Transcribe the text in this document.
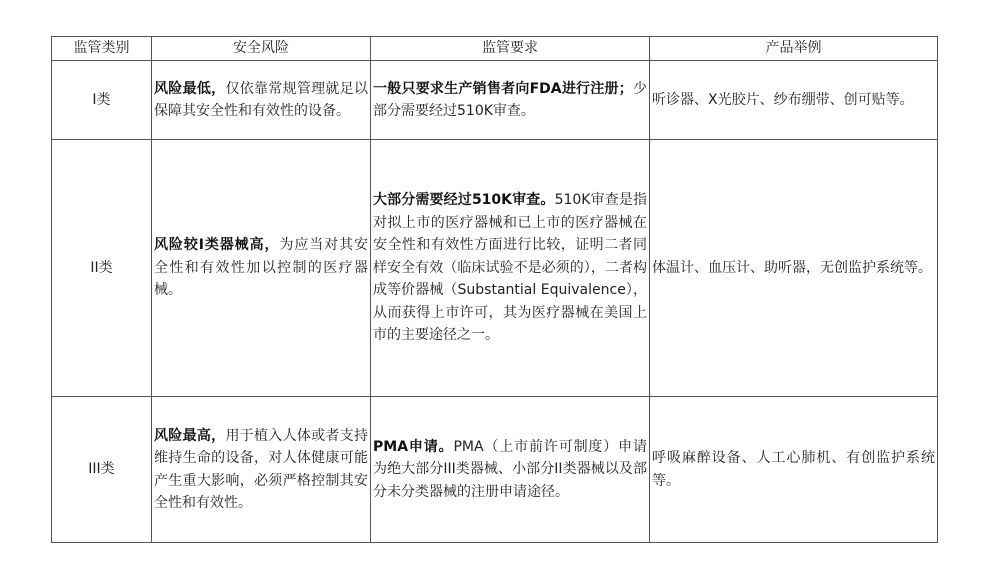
监管类别	安全风险	监管要求	产品举例
I类	风险最低，仅依靠常规管理就足以保障其安全性和有效性的设备。	一般只要求生产销售者向FDA进行注册；少部分需要经过510K审查。	听诊器、X光胶片、纱布绷带、创可贴等。
II类	风险较I类器械高，为应当对其安全性和有效性加以控制的医疗器械。	大部分需要经过510K审查。510K审查是指对拟上市的医疗器械和已上市的医疗器械在安全性和有效性方面进行比较，证明二者同样安全有效（临床试验不是必须的），二者构成等价器械（Substantial Equivalence），从而获得上市许可，其为医疗器械在美国上市的主要途径之一。	体温计、血压计、助听器，无创监护系统等。
III类	风险最高，用于植入人体或者支持维持生命的设备，对人体健康可能产生重大影响，必须严格控制其安全性和有效性。	PMA申请。PMA（上市前许可制度）申请为绝大部分III类器械、小部分II类器械以及部分未分类器械的注册申请途径。	呼吸麻醉设备、人工心肺机、有创监护系统等。
